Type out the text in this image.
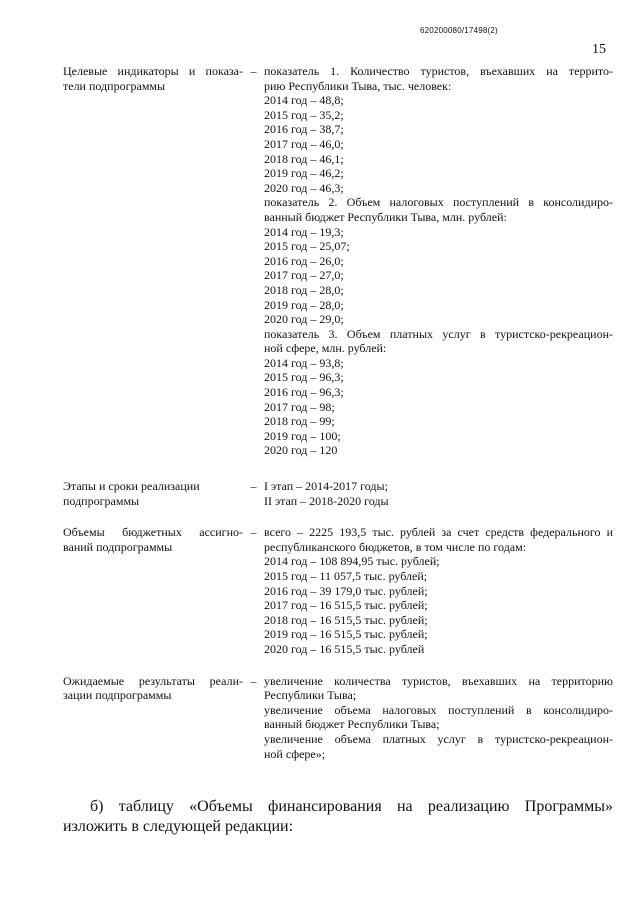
620200080/17498(2)
15
Целевые индикаторы и показа-
тели подпрограммы
– показатель 1. Количество туристов, въехавших на террито-
рию Республики Тыва, тыс. человек:
2014 год – 48,8;
2015 год – 35,2;
2016 год – 38,7;
2017 год – 46,0;
2018 год – 46,1;
2019 год – 46,2;
2020 год – 46,3;
показатель 2. Объем налоговых поступлений в консолидиро-
ванный бюджет Республики Тыва, млн. рублей:
2014 год – 19,3;
2015 год – 25,07;
2016 год – 26,0;
2017 год – 27,0;
2018 год – 28,0;
2019 год – 28,0;
2020 год – 29,0;
показатель 3. Объем платных услуг в туристско-рекреацион-
ной сфере, млн. рублей:
2014 год – 93,8;
2015 год – 96,3;
2016 год – 96,3;
2017 год – 98;
2018 год – 99;
2019 год – 100;
2020 год – 120
Этапы и сроки реализации
подпрограммы
– I этап – 2014-2017 годы;
II этап – 2018-2020 годы
Объемы бюджетных ассигно-
ваний подпрограммы
– всего – 2225 193,5 тыс. рублей за счет средств федерального и
республиканского бюджетов, в том числе по годам:
2014 год – 108 894,95 тыс. рублей;
2015 год – 11 057,5 тыс. рублей;
2016 год – 39 179,0 тыс. рублей;
2017 год – 16 515,5 тыс. рублей;
2018 год – 16 515,5 тыс. рублей;
2019 год – 16 515,5 тыс. рублей;
2020 год – 16 515,5 тыс. рублей
Ожидаемые результаты реали-
зации подпрограммы
– увеличение количества туристов, въехавших на территорию
Республики Тыва;
увеличение объема налоговых поступлений в консолидиро-
ванный бюджет Республики Тыва;
увеличение объема платных услуг в туристско-рекреацион-
ной сфере»;

б) таблицу «Объемы финансирования на реализацию Программы» изложить в следующей редакции:
